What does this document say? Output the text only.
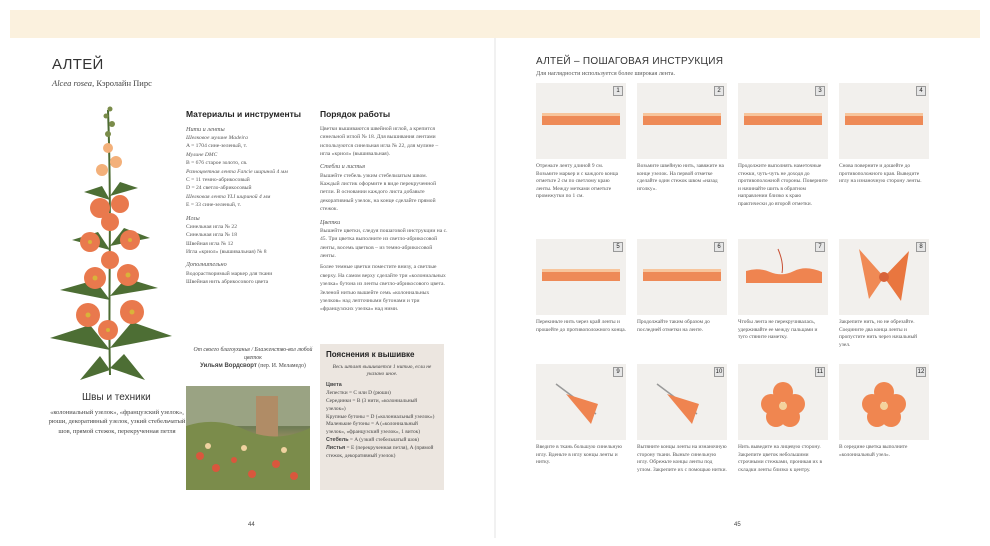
АЛТЕЙ
Alcea rosea, Кэролайн Пирс
Швы и техники
«колониальный узелок», «французский узелок», рюши, декоративный узелок, узкий стебельчатый шов, прямой стежок, перекрученная петля
Материалы и инструменты
Нити и ленты
Шелковое мулине Madeira
A = 1704 сине-зеленый, т.
Мулине DMC
B = 676 старое золото, св.
Разноцветная лента Fancie шириной 4 мм
C = 11 темно-абрикосовый
D = 24 светло-абрикосовый
Шелковая лента YLI шириной 4 мм
E = 33 сине-зеленый, т.
Иглы
Синельная игла № 22
Синельная игла № 18
Швейная игла № 12
Игла «криол» (вышивальная) № 8
Дополнительно
Водорастворимый маркер для ткани
Швейная нить абрикосового цвета
Порядок работы

Цветки вышиваются швейной иглой, а крепится синельной иглой № 18. Для вышивания лентами используются синельная игла № 22, для мулине – игла «криол» (вышивальная).

Стебли и листья

Вышейте стебель узким стебельчатым швом. Каждый листик оформите в виде перекрученной петли. В основании каждого листа добавьте декоративный узелок, на конце сделайте прямой стежок.

Цветки

Вышейте цветки, следуя пошаговой инструкции на с. 45. Три цветка выполните из светло-абрикосовой ленты, восемь цветков – из темно-абрикосовой ленты.

Более темные цветки поместите внизу, а светлые сверху. На самом верху сделайте три «колониальных узелка» бутона из ленты светло-абрикосового цвета. Зеленой нитью вышейте семь «колониальных узелков» над лепточными бутонами и три «французских узелка» над ними.

От своего благоуханья / Блаженство-вол любой цветок
Уильям Вордсворт (пер. И. Меламедо)
Пояснения к вышивке
Весь штамп вышивается 1 нитью, если не указано иное.
Цвета
Лепестки = C или D (рюши)
Серединки = B (3 нити, «колониальный узелок»)
Крупные бутоны = D («колониальный узелок»)
Маленькие бутоны = A («колониальный узелок», «французский узелок», 1 виток)
Стебель = A (узкий стебельчатый шов)
Листья = E (перекрученная петля), A (прямой стежок, декоративный узелок)
44
АЛТЕЙ – ПОШАГОВАЯ ИНСТРУКЦИЯ
Для наглядности используется более широкая лента.
1
Отрежьте ленту длиной 9 см. Возьмите маркер и с каждого конца отметьте 2 см по светлому краю ленты. Между метками отметьте промежутки по 1 см.
2
Возьмите швейную нить, завяжите на конце узелок. На первой отметке сделайте один стежок швом «назад иголку».
3
Продолжите выполнять наметочные стежки, чуть-чуть не доходя до противоположной стороны. Поверните и начинайте шить в обратном направлении близко к краю практически до второй отметки.
4
Снова поверните и дошейте до противоположного края. Выведите иглу на изнаночную сторону ленты.
5
Перекиньте нить через край ленты и прошейте до противоположного конца.
6
Продолжайте таким образом до последней отметки на ленте.
7
Чтобы лента не перекручивалась, удерживайте ее между пальцами и туго стяните наметку.
8
Закрепите нить, но не обрезайте. Соедините два конца ленты и пропустите нить через начальный узел.
9
Введите в ткань большую синельную иглу. Вденьте в иглу концы ленты и нитку.
10
Вытяните концы ленты на изнаночную сторону ткани. Выньте синельную иглу. Обрежьте концы ленты под углом. Закрепите их с помощью нитки.
11
Нить выведите на лицевую сторону. Закрепите цветок небольшими строчными стежками, проникая их в складки ленты близко к центру.
12
В середине цветка выполните «колониальный узел».
45
